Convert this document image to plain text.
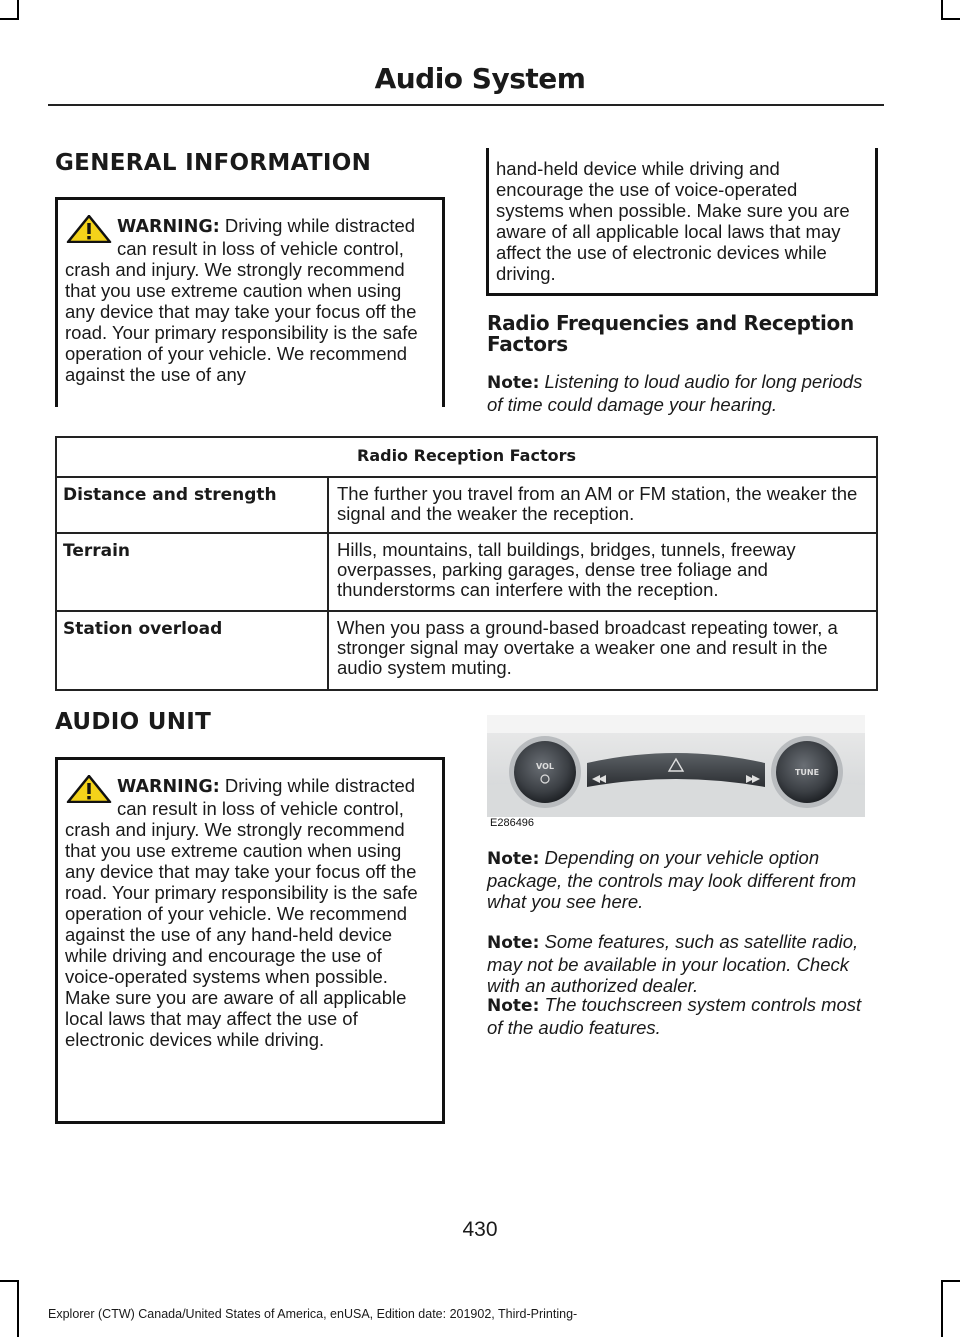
Audio System
GENERAL INFORMATION
WARNING: Driving while distracted can result in loss of vehicle control, crash and injury. We strongly recommend that you use extreme caution when using any device that may take your focus off the road. Your primary responsibility is the safe operation of your vehicle. We recommend against the use of any
hand-held device while driving and encourage the use of voice-operated systems when possible. Make sure you are aware of all applicable local laws that may affect the use of electronic devices while driving.
Radio Frequencies and Reception Factors
Note: Listening to loud audio for long periods of time could damage your hearing.
Radio Reception Factors	
Distance and strength	The further you travel from an AM or FM station, the weaker the signal and the weaker the reception.
Terrain	Hills, mountains, tall buildings, bridges, tunnels, freeway overpasses, parking garages, dense tree foliage and thunderstorms can interfere with the reception.
Station overload	When you pass a ground-based broadcast repeating tower, a stronger signal may overtake a weaker one and result in the audio system muting.
AUDIO UNIT
WARNING: Driving while distracted can result in loss of vehicle control, crash and injury. We strongly recommend that you use extreme caution when using any device that may take your focus off the road. Your primary responsibility is the safe operation of your vehicle. We recommend against the use of any hand-held device while driving and encourage the use of voice-operated systems when possible. Make sure you are aware of all applicable local laws that may affect the use of electronic devices while driving.
VOL
TUNE
E286496
Note: Depending on your vehicle option package, the controls may look different from what you see here.
Note: Some features, such as satellite radio, may not be available in your location. Check with an authorized dealer.
Note: The touchscreen system controls most of the audio features.
430
Explorer (CTW) Canada/United States of America, enUSA, Edition date: 201902, Third-Printing-
